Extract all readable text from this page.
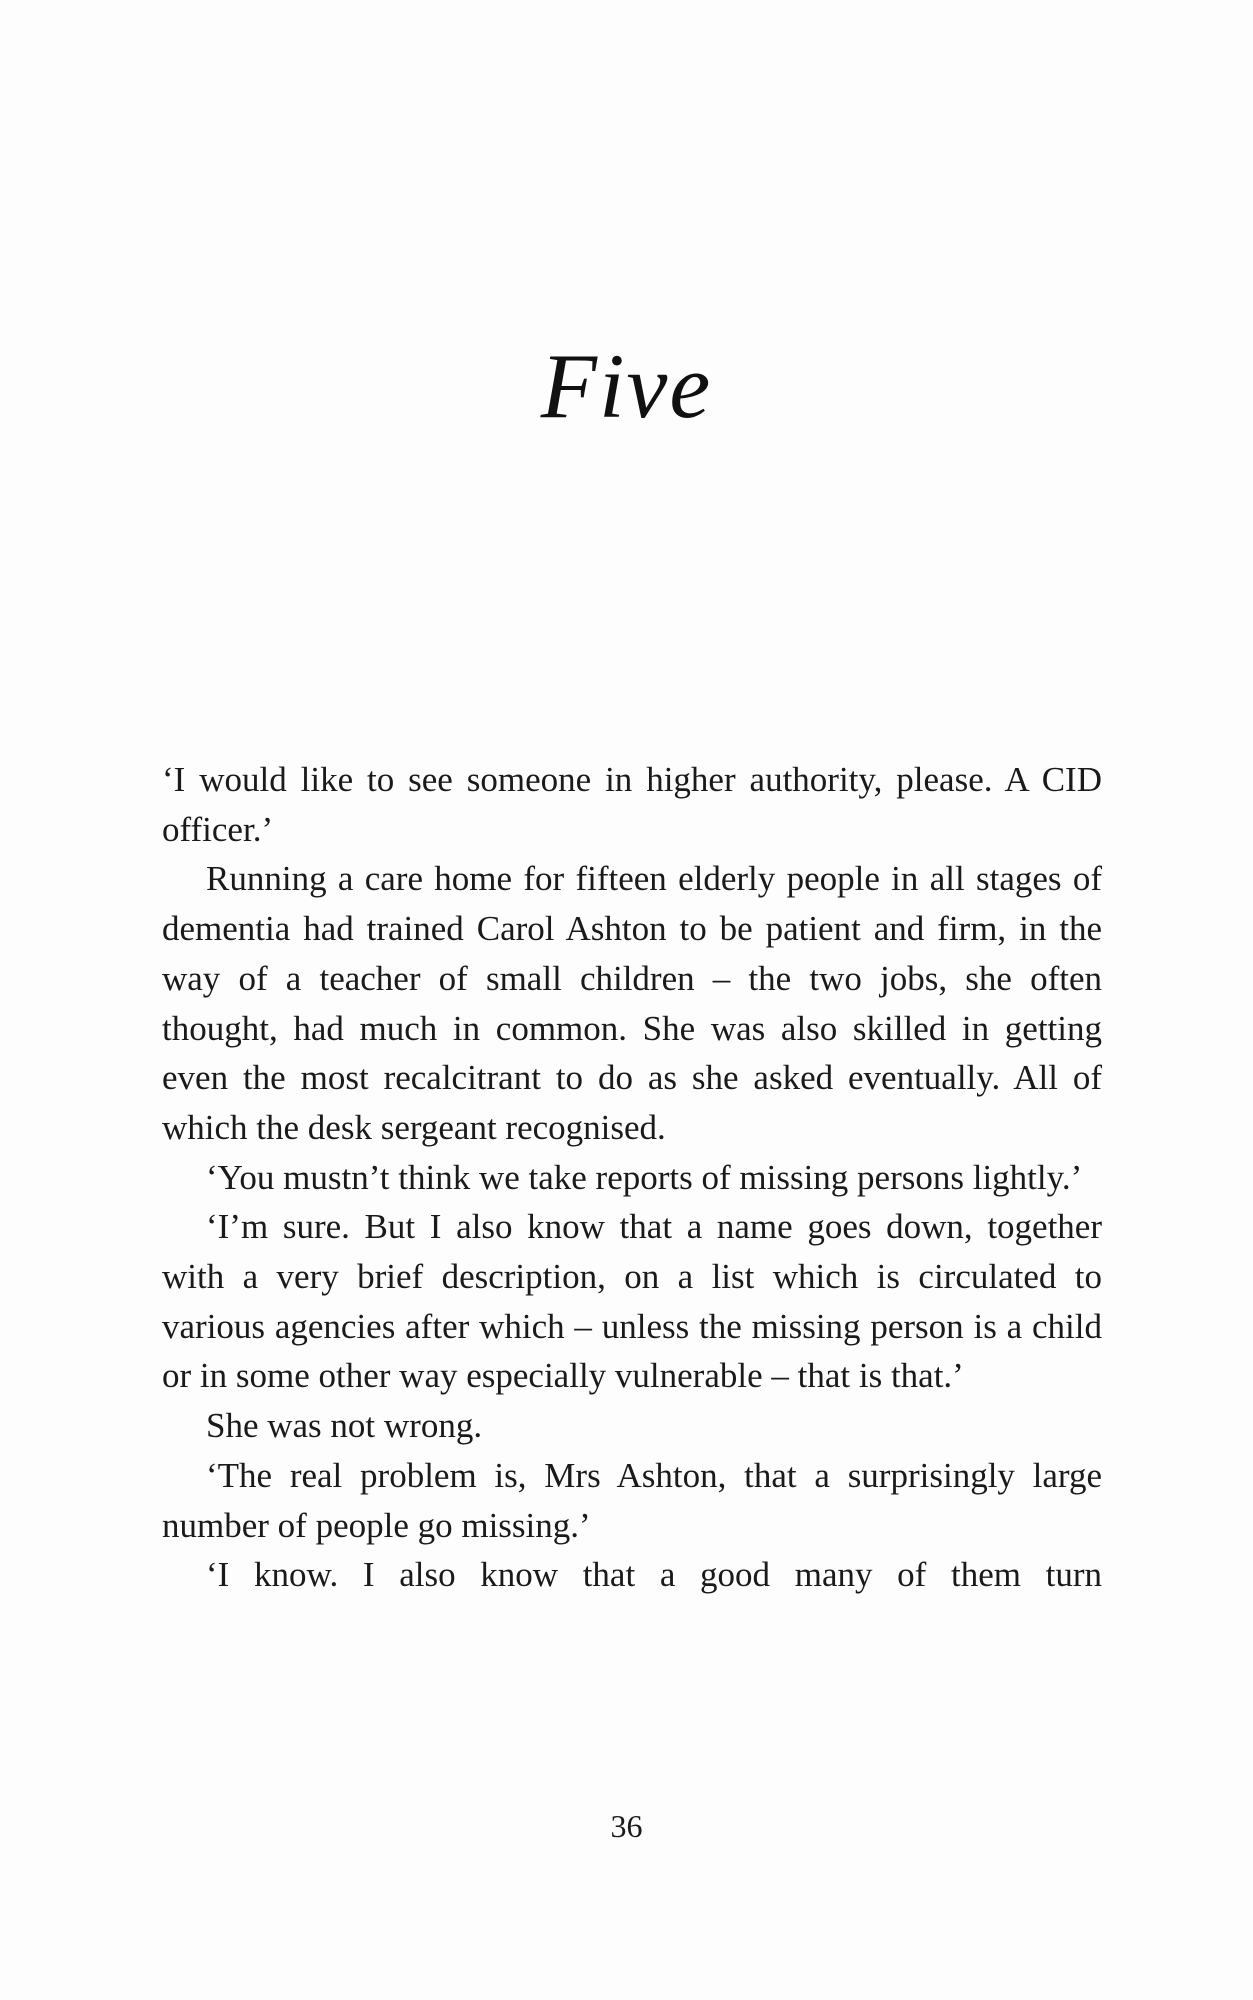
Five

‘I would like to see someone in higher authority, please. A CID officer.’

Running a care home for fifteen elderly people in all stages of dementia had trained Carol Ashton to be patient and firm, in the way of a teacher of small children – the two jobs, she often thought, had much in common. She was also skilled in getting even the most recalcitrant to do as she asked eventually. All of which the desk sergeant recognised.

‘You mustn’t think we take reports of missing persons lightly.’

‘I’m sure. But I also know that a name goes down, together with a very brief description, on a list which is circulated to various agencies after which – unless the missing person is a child or in some other way especially vulnerable – that is that.’

She was not wrong.

‘The real problem is, Mrs Ashton, that a surprisingly large number of people go missing.’

‘I know. I also know that a good many of them turn

36
